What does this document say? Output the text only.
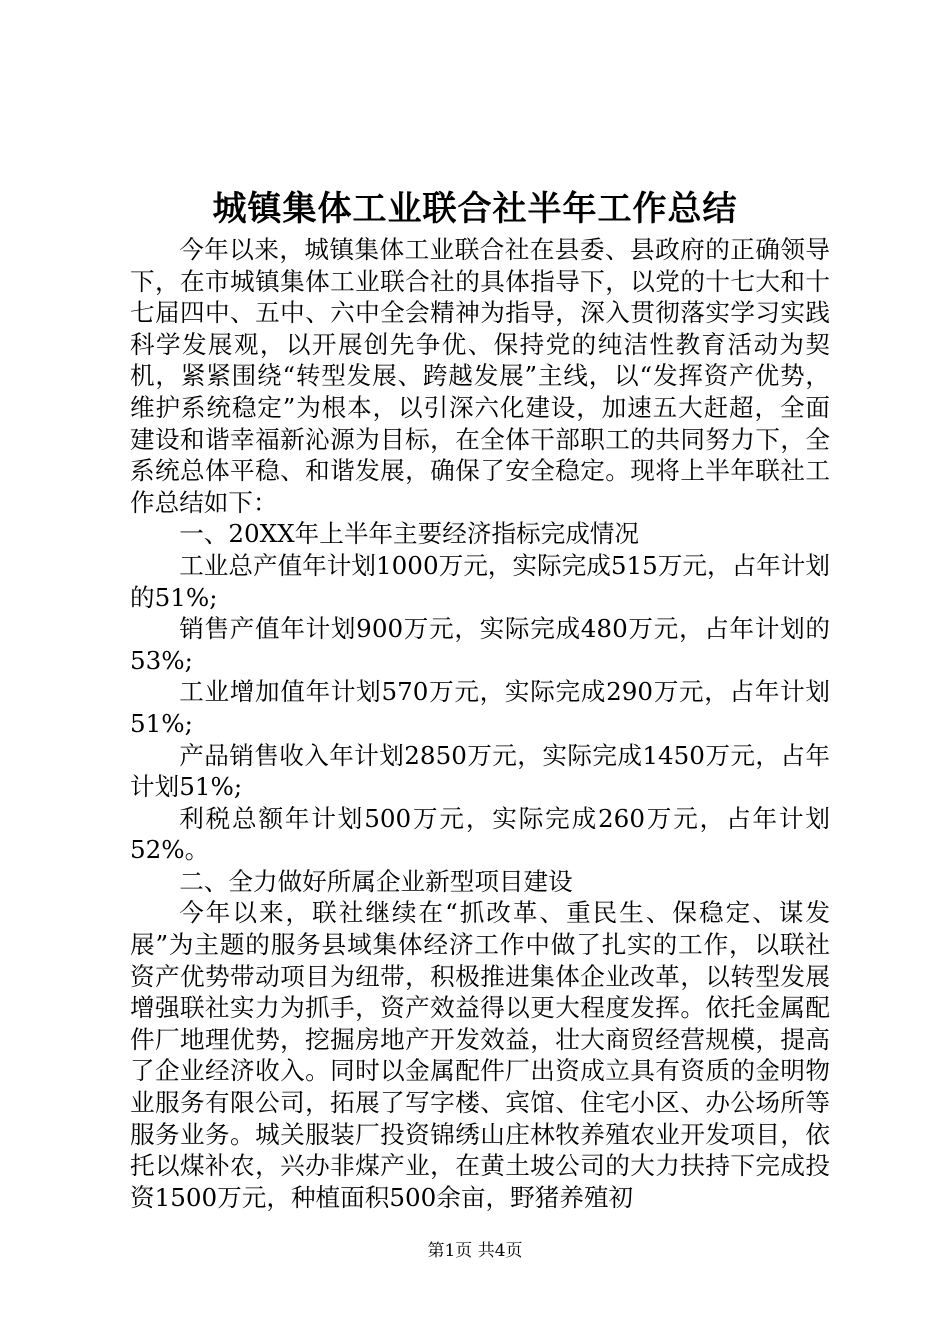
城镇集体工业联合社半年工作总结

今年以来，城镇集体工业联合社在县委、县政府的正确领导下，在市城镇集体工业联合社的具体指导下，以党的十七大和十七届四中、五中、六中全会精神为指导，深入贯彻落实学习实践科学发展观，以开展创先争优、保持党的纯洁性教育活动为契机，紧紧围绕“转型发展、跨越发展”主线，以“发挥资产优势，维护系统稳定”为根本，以引深六化建设，加速五大赶超，全面建设和谐幸福新沁源为目标，在全体干部职工的共同努力下，全系统总体平稳、和谐发展，确保了安全稳定。现将上半年联社工作总结如下：

一、20XX年上半年主要经济指标完成情况

工业总产值年计划1000万元，实际完成515万元，占年计划的51%;

销售产值年计划900万元，实际完成480万元，占年计划的53%;

工业增加值年计划570万元，实际完成290万元，占年计划51%;

产品销售收入年计划2850万元，实际完成1450万元，占年计划51%;

利税总额年计划500万元，实际完成260万元，占年计划52%。

二、全力做好所属企业新型项目建设

今年以来，联社继续在“抓改革、重民生、保稳定、谋发展”为主题的服务县域集体经济工作中做了扎实的工作，以联社资产优势带动项目为纽带，积极推进集体企业改革，以转型发展增强联社实力为抓手，资产效益得以更大程度发挥。依托金属配件厂地理优势，挖掘房地产开发效益，壮大商贸经营规模，提高了企业经济收入。同时以金属配件厂出资成立具有资质的金明物业服务有限公司，拓展了写字楼、宾馆、住宅小区、办公场所等服务业务。城关服装厂投资锦绣山庄林牧养殖农业开发项目，依托以煤补农，兴办非煤产业，在黄土坡公司的大力扶持下完成投资1500万元，种植面积500余亩，野猪养殖初

第1页 共4页
